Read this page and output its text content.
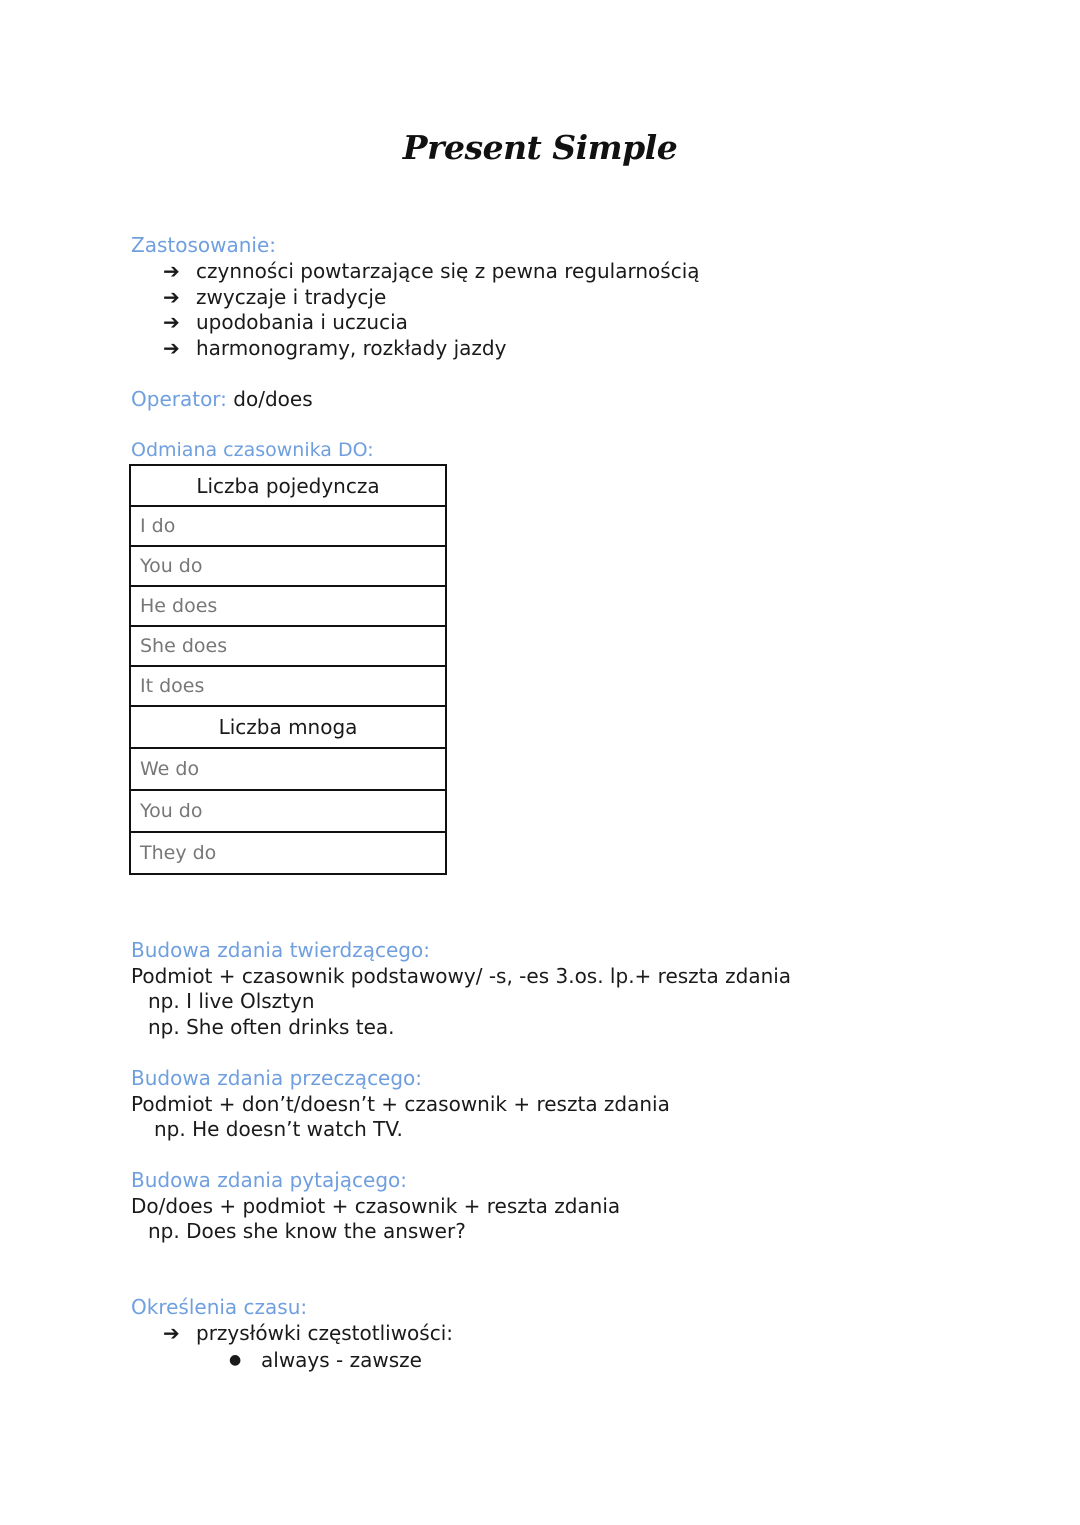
Present Simple
Zastosowanie:
➔ czynności powtarzające się z pewna regularnością
➔ zwyczaje i tradycje
➔ upodobania i uczucia
➔ harmonogramy, rozkłady jazdy
Operator: do/does
Odmiana czasownika DO:
Liczba pojedyncza
I do
You do
He does
She does
It does
Liczba mnoga
We do
You do
They do
Budowa zdania twierdzącego:
Podmiot + czasownik podstawowy/ -s, -es 3.os. lp.+ reszta zdania
np. I live Olsztyn
np. She often drinks tea.
Budowa zdania przeczącego:
Podmiot + don’t/doesn’t + czasownik + reszta zdania
np. He doesn’t watch TV.
Budowa zdania pytającego:
Do/does + podmiot + czasownik + reszta zdania
np. Does she know the answer?
Określenia czasu:
➔ przysłówki częstotliwości:
● always - zawsze
